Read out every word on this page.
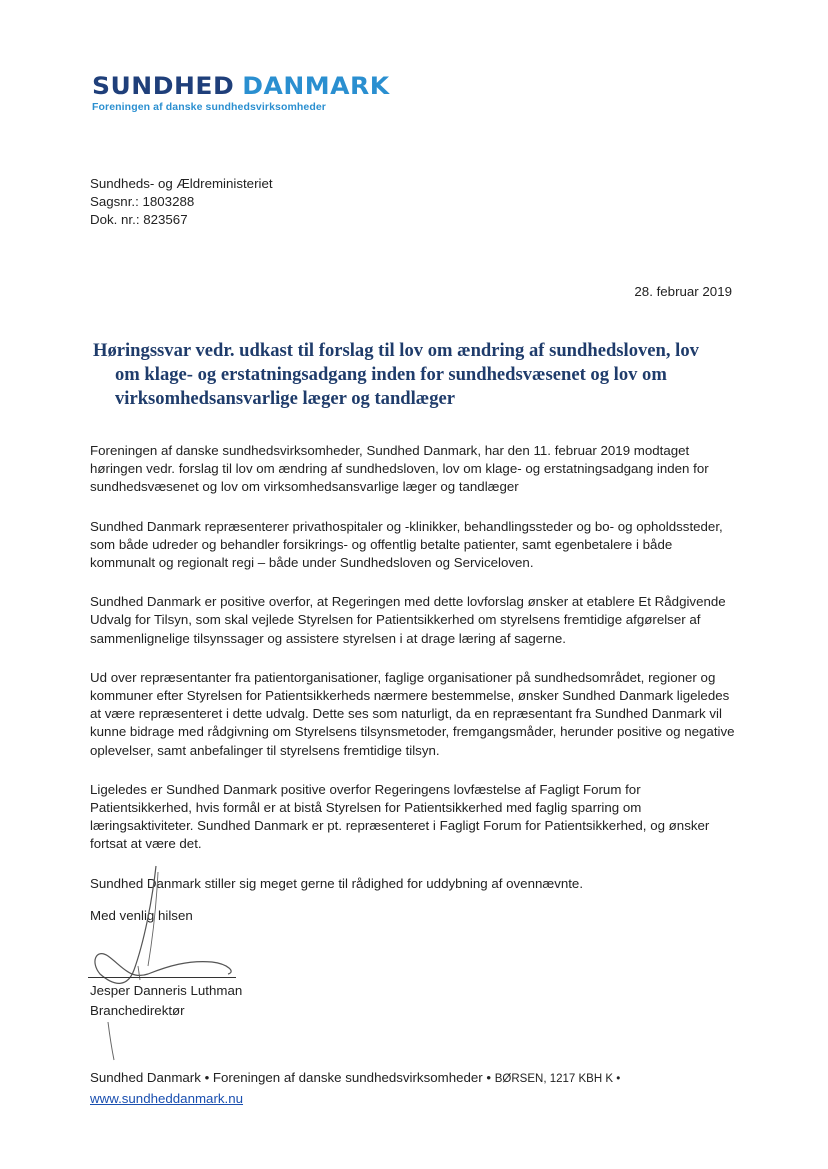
SUNDHED DANMARK
Foreningen af danske sundhedsvirksomheder
Sundheds- og Ældreministeriet
Sagsnr.: 1803288
Dok. nr.: 823567
28. februar 2019
Høringssvar vedr. udkast til forslag til lov om ændring af sundhedsloven, lov
om klage- og erstatningsadgang inden for sundhedsvæsenet og lov om
virksomhedsansvarlige læger og tandlæger

Foreningen af danske sundhedsvirksomheder, Sundhed Danmark, har den 11. februar 2019 modtaget høringen vedr. forslag til lov om ændring af sundhedsloven, lov om klage- og erstatningsadgang inden for sundhedsvæsenet og lov om virksomhedsansvarlige læger og tandlæger

Sundhed Danmark repræsenterer privathospitaler og -klinikker, behandlingssteder og bo- og opholdssteder, som både udreder og behandler forsikrings- og offentlig betalte patienter, samt egenbetalere i både kommunalt og regionalt regi – både under Sundhedsloven og Serviceloven.

Sundhed Danmark er positive overfor, at Regeringen med dette lovforslag ønsker at etablere Et Rådgivende Udvalg for Tilsyn, som skal vejlede Styrelsen for Patientsikkerhed om styrelsens fremtidige afgørelser af sammenlignelige tilsynssager og assistere styrelsen i at drage læring af sagerne.

Ud over repræsentanter fra patientorganisationer, faglige organisationer på sundhedsområdet, regioner og kommuner efter Styrelsen for Patientsikkerheds nærmere bestemmelse, ønsker Sundhed Danmark ligeledes at være repræsenteret i dette udvalg. Dette ses som naturligt, da en repræsentant fra Sundhed Danmark vil kunne bidrage med rådgivning om Styrelsens tilsynsmetoder, fremgangsmåder, herunder positive og negative oplevelser, samt anbefalinger til styrelsens fremtidige tilsyn.

Ligeledes er Sundhed Danmark positive overfor Regeringens lovfæstelse af Fagligt Forum for Patientsikkerhed, hvis formål er at bistå Styrelsen for Patientsikkerhed med faglig sparring om læringsaktiviteter. Sundhed Danmark er pt. repræsenteret i Fagligt Forum for Patientsikkerhed, og ønsker fortsat at være det.

Sundhed Danmark stiller sig meget gerne til rådighed for uddybning af ovennævnte.

Med venlig hilsen
Jesper Danneris Luthman
Branchedirektør
Sundhed Danmark • Foreningen af danske sundhedsvirksomheder • BØRSEN, 1217 KBH K •
www.sundheddanmark.nu
